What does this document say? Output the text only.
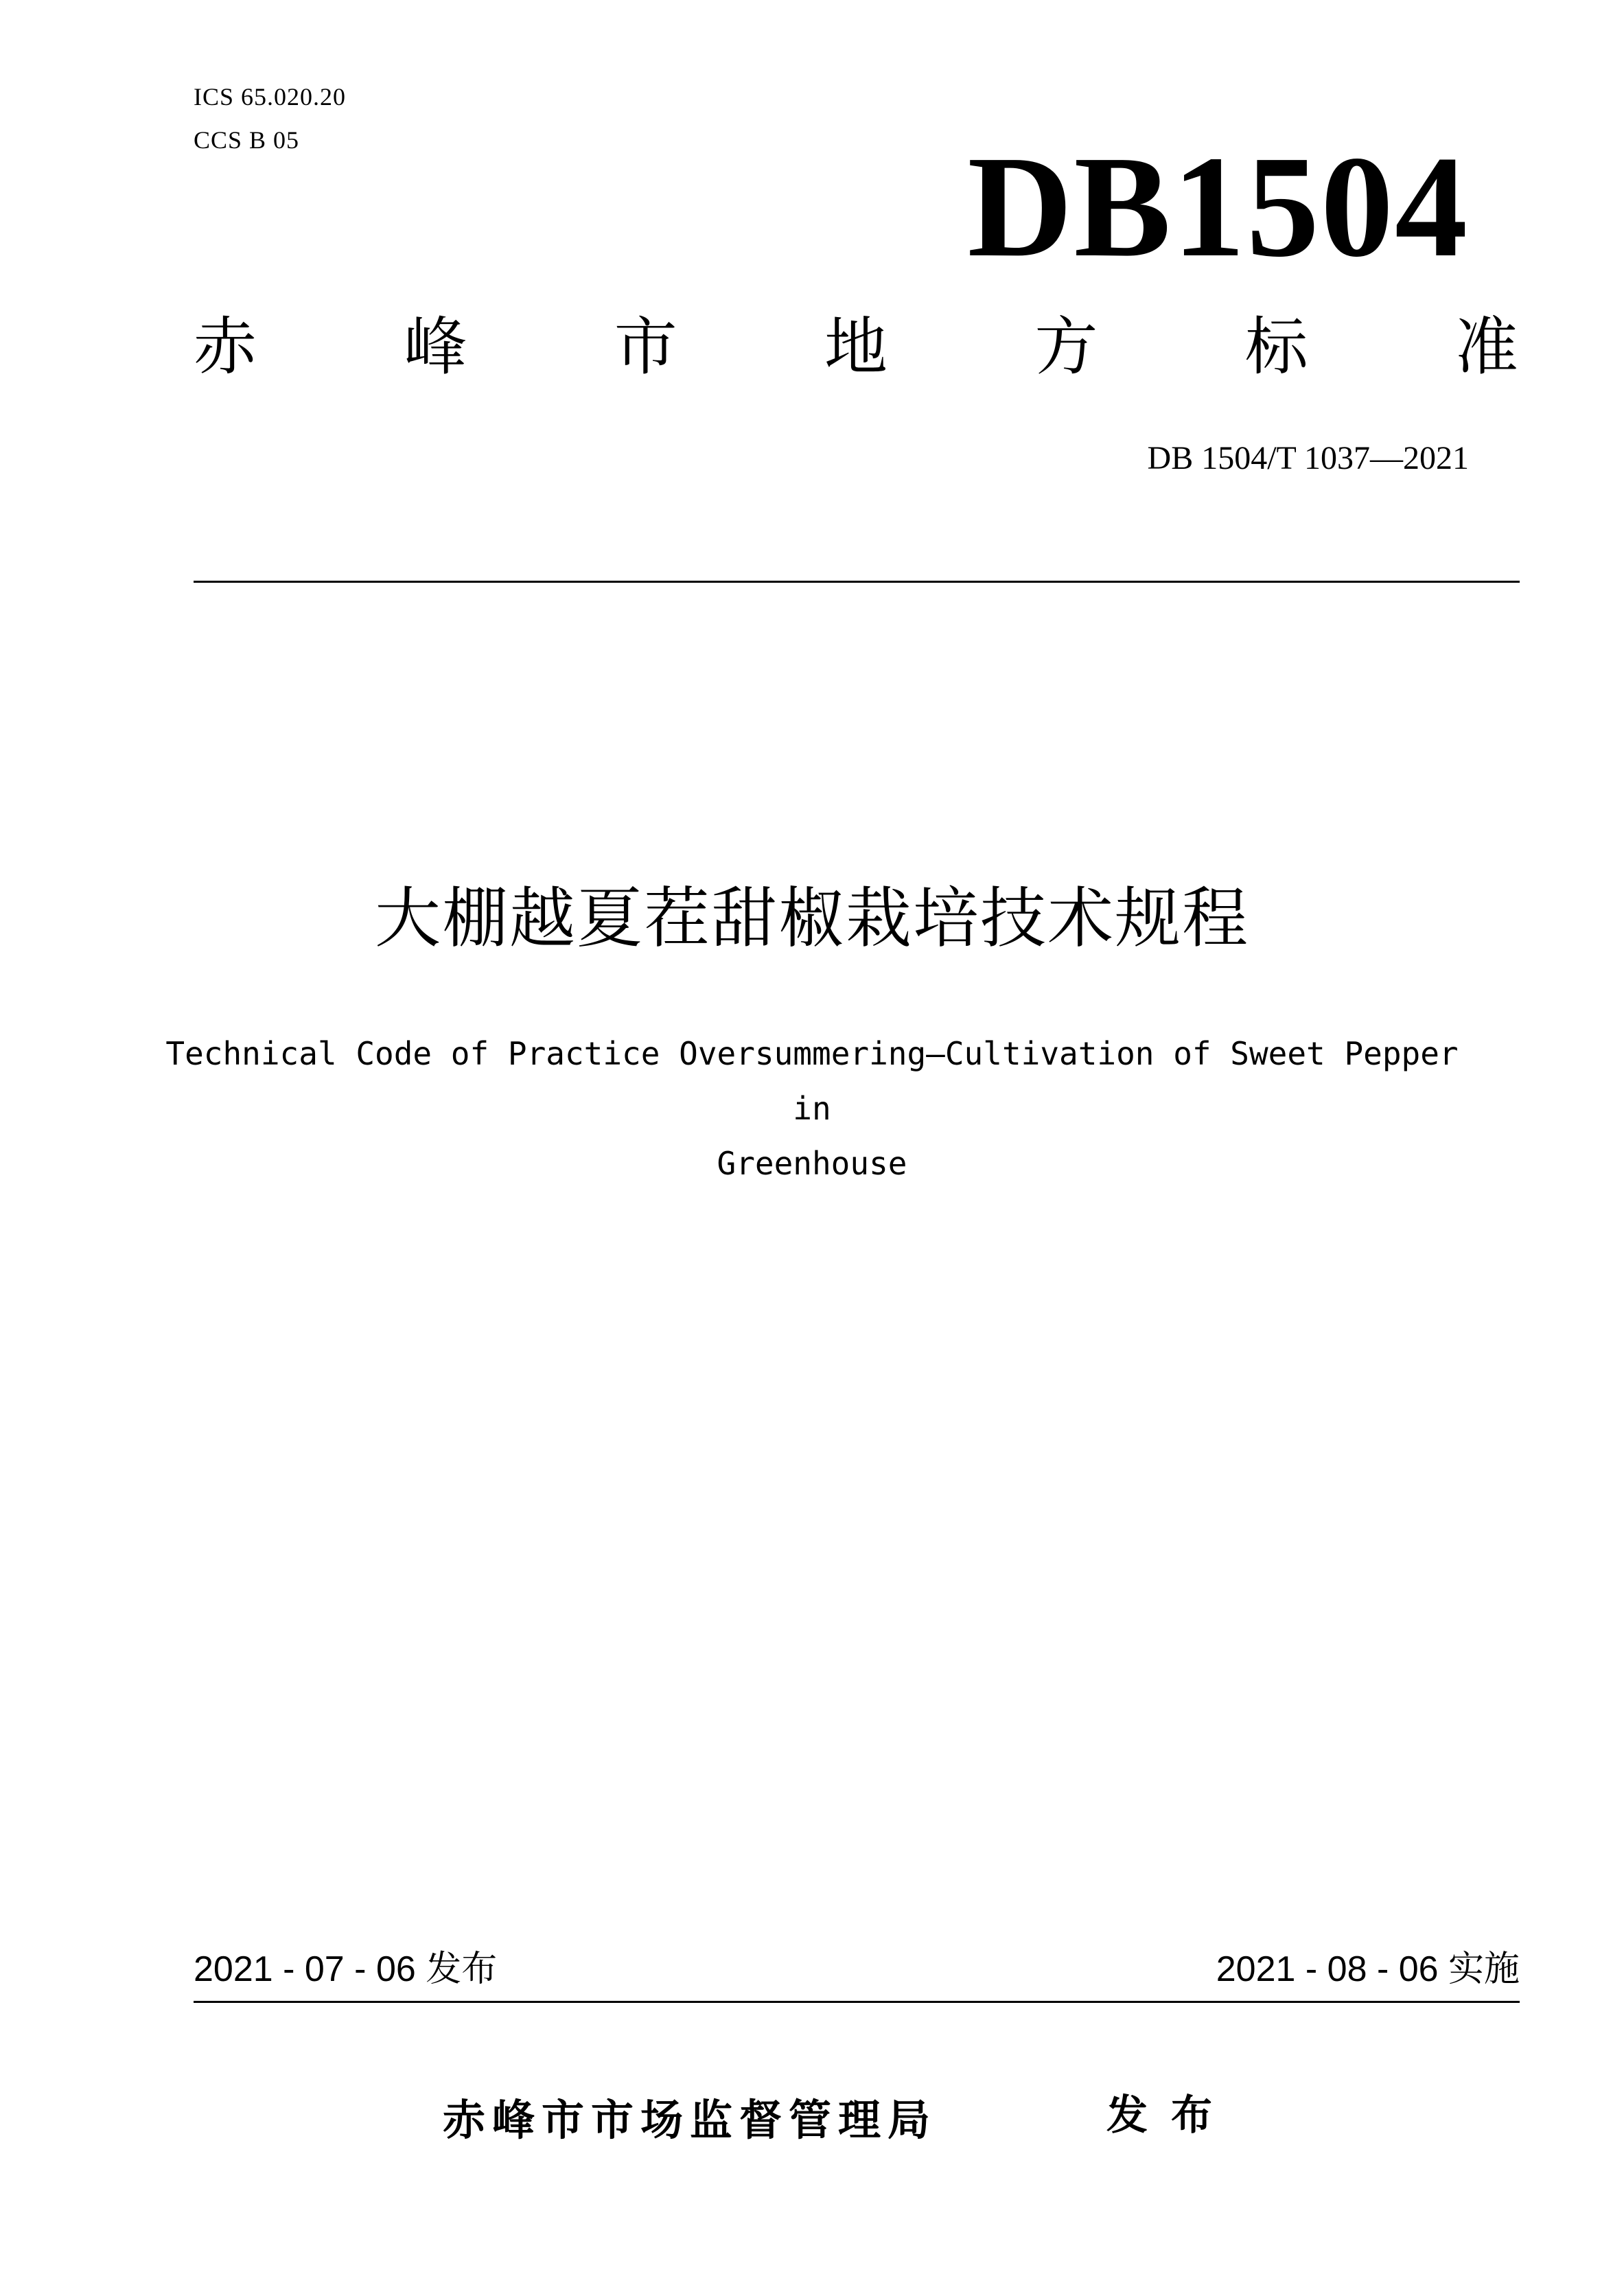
ICS 65.020.20
CCS B 05	DB1504
赤 峰 市 地 方 标 准
DB 1504/T 1037—2021
大棚越夏茬甜椒栽培技术规程
Technical Code of Practice Oversummering—Cultivation of Sweet Pepper in
Greenhouse
2021 - 07 - 06 发布	2021 - 08 - 06 实施
赤峰市市场监督管理局	发布
